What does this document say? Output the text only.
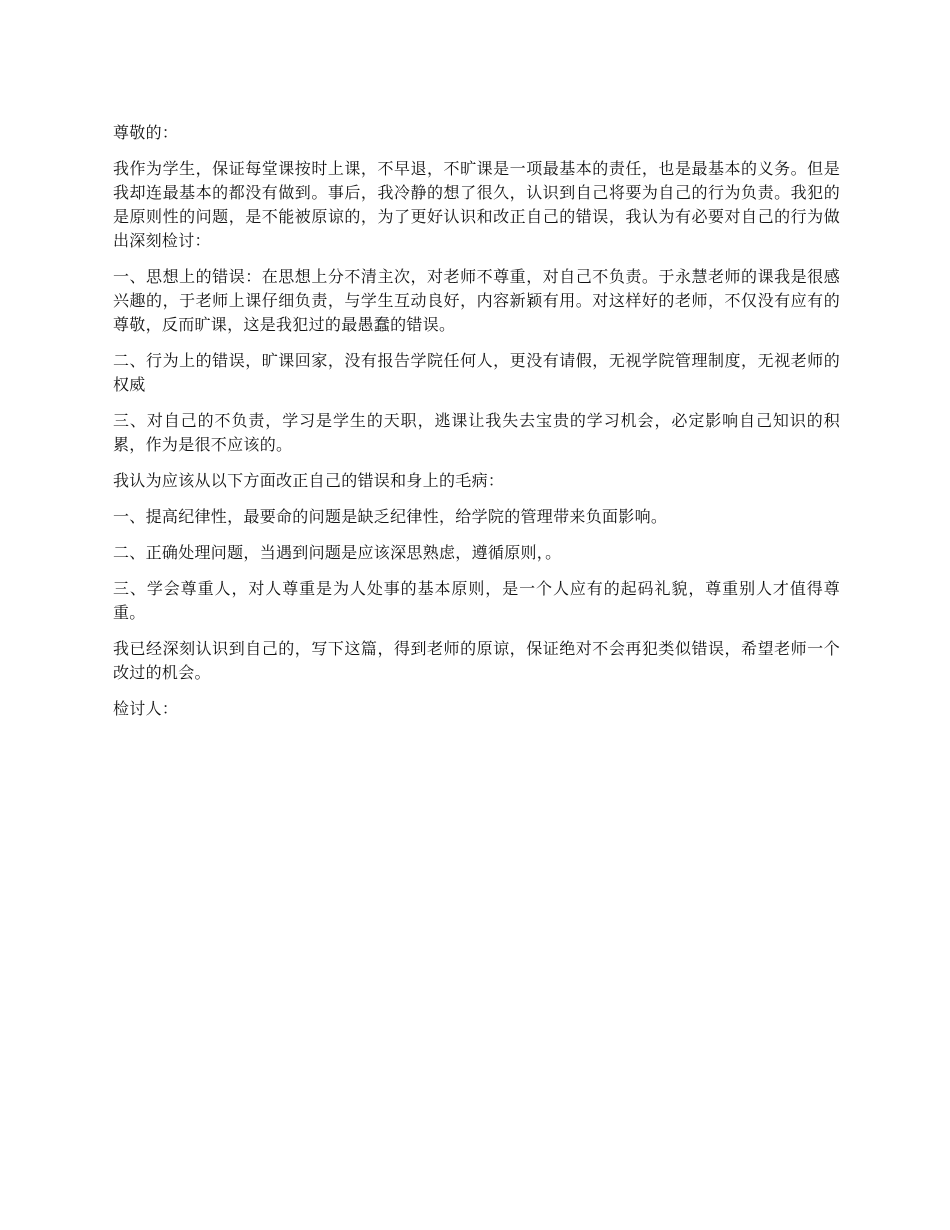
尊敬的：

我作为学生，保证每堂课按时上课，不早退，不旷课是一项最基本的责任，也是最基本的义务。但是我却连最基本的都没有做到。事后，我冷静的想了很久，认识到自己将要为自己的行为负责。我犯的是原则性的问题，是不能被原谅的，为了更好认识和改正自己的错误，我认为有必要对自己的行为做出深刻检讨：

一、思想上的错误：在思想上分不清主次，对老师不尊重，对自己不负责。于永慧老师的课我是很感兴趣的，于老师上课仔细负责，与学生互动良好，内容新颖有用。对这样好的老师，不仅没有应有的尊敬，反而旷课，这是我犯过的最愚蠢的错误。

二、行为上的错误，旷课回家，没有报告学院任何人，更没有请假，无视学院管理制度，无视老师的权威

三、对自己的不负责，学习是学生的天职，逃课让我失去宝贵的学习机会，必定影响自己知识的积累，作为是很不应该的。

我认为应该从以下方面改正自己的错误和身上的毛病：

一、提高纪律性，最要命的问题是缺乏纪律性，给学院的管理带来负面影响。

二、正确处理问题，当遇到问题是应该深思熟虑，遵循原则，。

三、学会尊重人，对人尊重是为人处事的基本原则，是一个人应有的起码礼貌，尊重别人才值得尊重。

我已经深刻认识到自己的，写下这篇，得到老师的原谅，保证绝对不会再犯类似错误，希望老师一个改过的机会。

检讨人：
